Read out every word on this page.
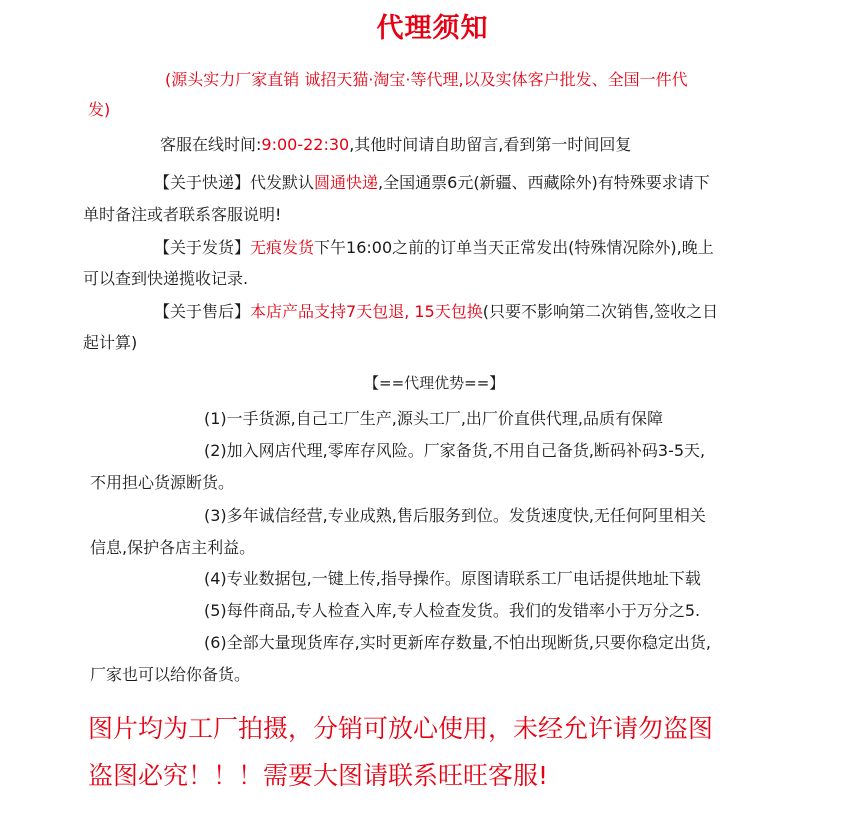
代理须知
(源头实力厂家直销 诚招天猫·淘宝·等代理,以及实体客户批发、全国一件代
发)
客服在线时间:9:00-22:30,其他时间请自助留言,看到第一时间回复
【关于快递】代发默认圆通快递,全国通票6元(新疆、西藏除外)有特殊要求请下
单时备注或者联系客服说明!
【关于发货】无痕发货下午16:00之前的订单当天正常发出(特殊情况除外),晚上
可以查到快递揽收记录.
【关于售后】本店产品支持7天包退, 15天包换(只要不影响第二次销售,签收之日
起计算)
【==代理优势==】
(1)一手货源,自己工厂生产,源头工厂,出厂价直供代理,品质有保障
(2)加入网店代理,零库存风险。厂家备货,不用自己备货,断码补码3-5天,
不用担心货源断货。
(3)多年诚信经营,专业成熟,售后服务到位。发货速度快,无任何阿里相关
信息,保护各店主利益。
(4)专业数据包,一键上传,指导操作。原图请联系工厂电话提供地址下载
(5)每件商品,专人检查入库,专人检查发货。我们的发错率小于万分之5.
(6)全部大量现货库存,实时更新库存数量,不怕出现断货,只要你稳定出货,
厂家也可以给你备货。
图片均为工厂拍摄，分销可放心使用，未经允许请勿盗图
盗图必究！！！需要大图请联系旺旺客服!
